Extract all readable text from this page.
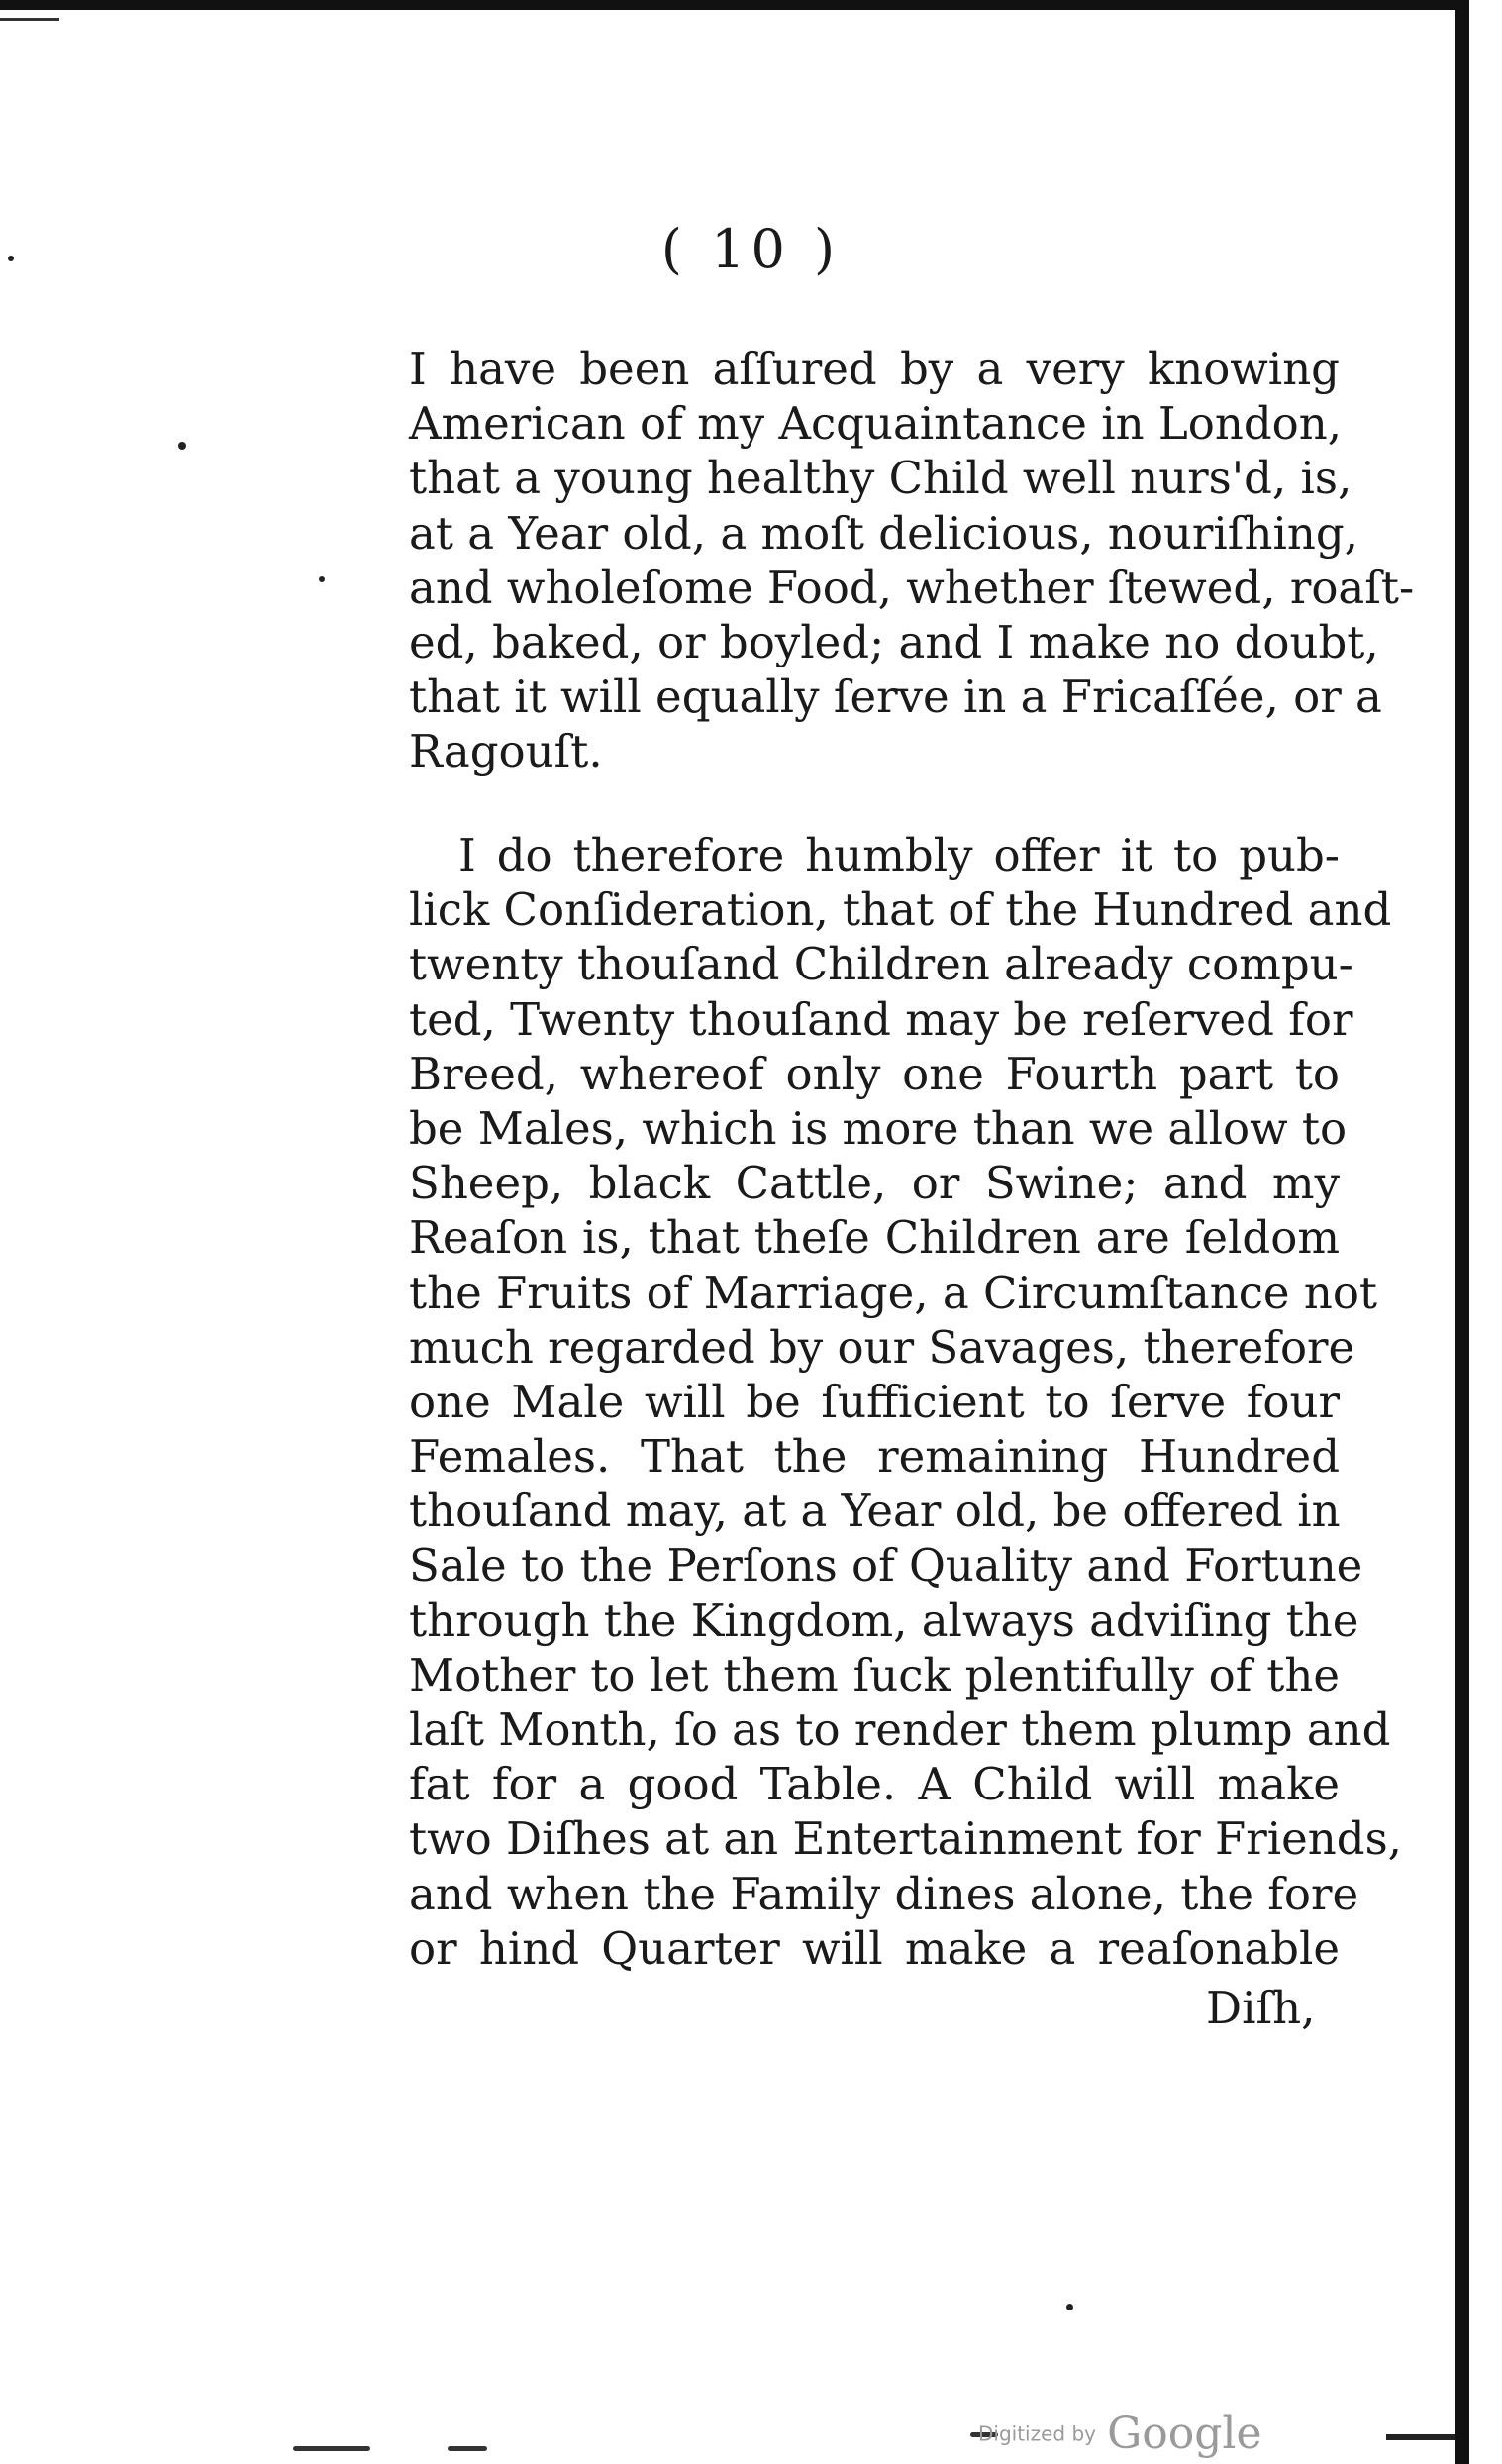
( 10 )
I have been aſſured by a very knowing
American of my Acquaintance in London,
that a young healthy Child well nurs'd, is,
at a Year old, a moſt delicious, nouriſhing,
and wholeſome Food, whether ſtewed, roaſt-
ed, baked, or boyled; and I make no doubt,
that it will equally ſerve in a Fricaſſée, or a
Ragouſt.
I do therefore humbly offer it to pub-
lick Conſideration, that of the Hundred and
twenty thouſand Children already compu-
ted, Twenty thouſand may be reſerved for
Breed, whereof only one Fourth part to
be Males, which is more than we allow to
Sheep, black Cattle, or Swine; and my
Reaſon is, that theſe Children are ſeldom
the Fruits of Marriage, a Circumſtance not
much regarded by our Savages, therefore
one Male will be ſufficient to ſerve four
Females. That the remaining Hundred
thouſand may, at a Year old, be offered in
Sale to the Perſons of Quality and Fortune
through the Kingdom, always adviſing the
Mother to let them ſuck plentifully of the
laſt Month, ſo as to render them plump and
fat for a good Table. A Child will make
two Diſhes at an Entertainment for Friends,
and when the Family dines alone, the fore
or hind Quarter will make a reaſonable
Diſh,
Digitized by Google
